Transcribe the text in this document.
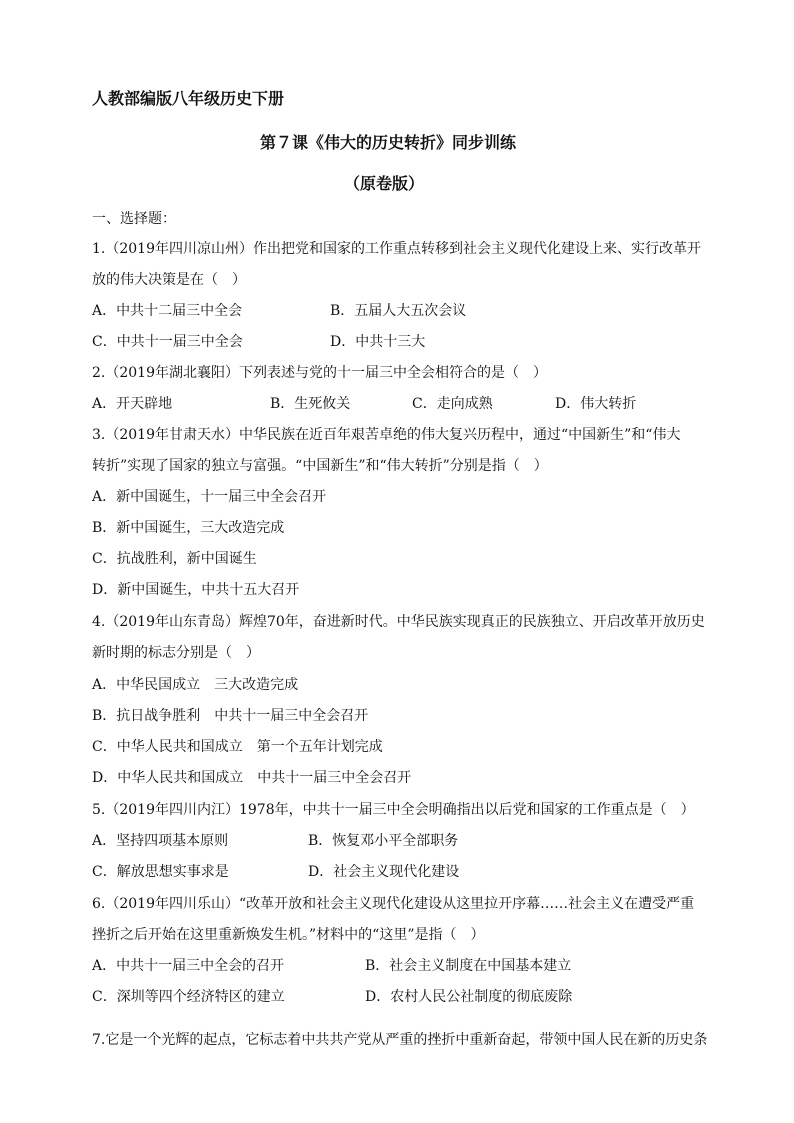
人教部编版八年级历史下册
第７课《伟大的历史转折》同步训练
（原卷版）
一、选择题：
1.（2019年四川凉山州）作出把党和国家的工作重点转移到社会主义现代化建设上来、实行改革开
放的伟大决策是在（　）
A．中共十二届三中全会	B．五届人大五次会议
C．中共十一届三中全会	D．中共十三大
2.（2019年湖北襄阳）下列表述与党的十一届三中全会相符合的是（　）
A．开天辟地	B．生死攸关	C．走向成熟	D．伟大转折
3.（2019年甘肃天水）中华民族在近百年艰苦卓绝的伟大复兴历程中，通过“中国新生”和“伟大
转折”实现了国家的独立与富强。“中国新生”和“伟大转折”分别是指（　）
A．新中国诞生，十一届三中全会召开
B．新中国诞生，三大改造完成
C．抗战胜利，新中国诞生
D．新中国诞生，中共十五大召开
4.（2019年山东青岛）辉煌70年，奋进新时代。中华民族实现真正的民族独立、开启改革开放历史
新时期的标志分别是（　）
A．中华民国成立　三大改造完成
B．抗日战争胜利　中共十一届三中全会召开
C．中华人民共和国成立　第一个五年计划完成
D．中华人民共和国成立　中共十一届三中全会召开
5.（2019年四川内江）1978年，中共十一届三中全会明确指出以后党和国家的工作重点是（　）
A．坚持四项基本原则	B．恢复邓小平全部职务
C．解放思想实事求是	D．社会主义现代化建设
6.（2019年四川乐山）“改革开放和社会主义现代化建设从这里拉开序幕……社会主义在遭受严重
挫折之后开始在这里重新焕发生机。”材料中的“这里”是指（　）
A．中共十一届三中全会的召开	B．社会主义制度在中国基本建立
C．深圳等四个经济特区的建立	D．农村人民公社制度的彻底废除
7.它是一个光辉的起点，它标志着中共共产党从严重的挫折中重新奋起，带领中国人民在新的历史条
